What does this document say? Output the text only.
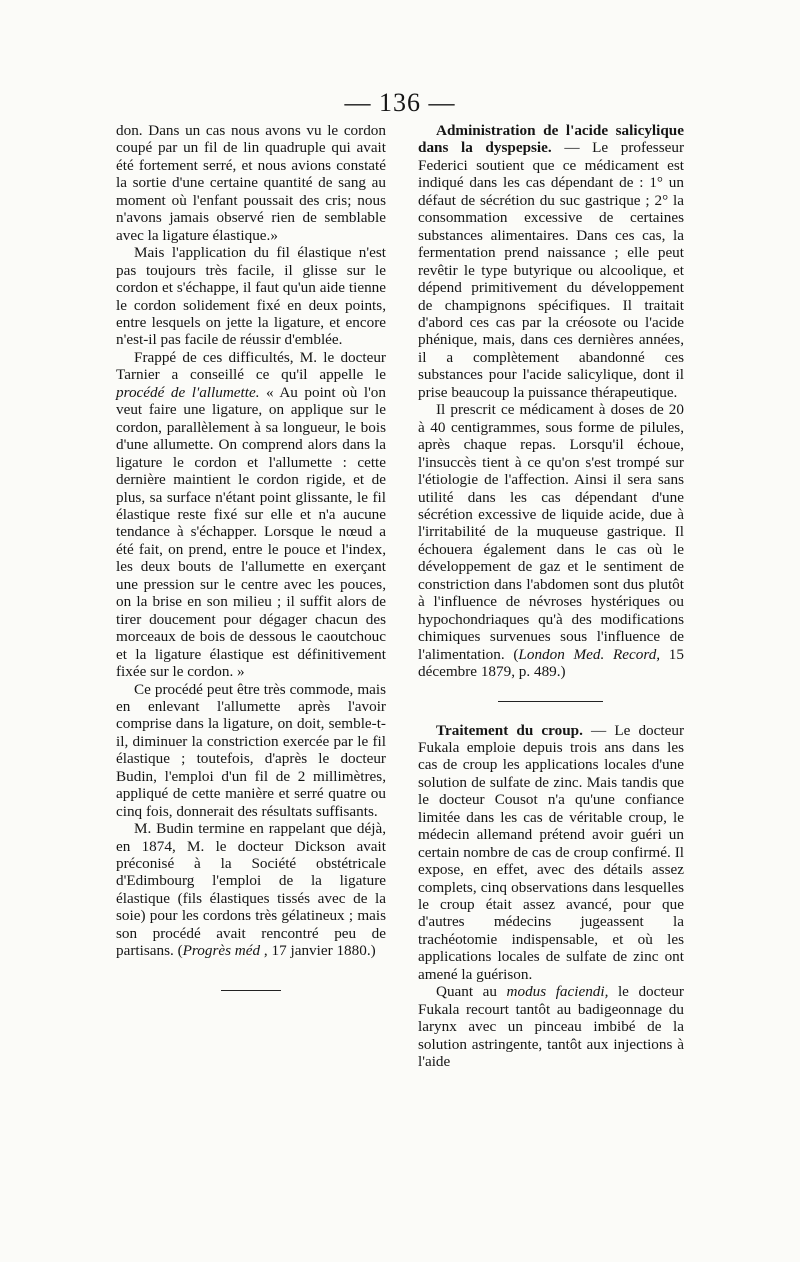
— 136 —

don. Dans un cas nous avons vu le cordon coupé par un fil de lin quadruple qui avait été fortement serré, et nous avions constaté la sortie d'une certaine quantité de sang au moment où l'enfant poussait des cris; nous n'avons jamais observé rien de semblable avec la ligature élastique.»

Mais l'application du fil élastique n'est pas toujours très facile, il glisse sur le cordon et s'échappe, il faut qu'un aide tienne le cordon solidement fixé en deux points, entre lesquels on jette la ligature, et encore n'est-il pas facile de réussir d'emblée.

Frappé de ces difficultés, M. le docteur Tarnier a conseillé ce qu'il appelle le procédé de l'allumette. « Au point où l'on veut faire une ligature, on applique sur le cordon, parallèlement à sa longueur, le bois d'une allumette. On comprend alors dans la ligature le cordon et l'allumette : cette dernière maintient le cordon rigide, et de plus, sa surface n'étant point glissante, le fil élastique reste fixé sur elle et n'a aucune tendance à s'échapper. Lorsque le nœud a été fait, on prend, entre le pouce et l'index, les deux bouts de l'allumette en exerçant une pression sur le centre avec les pouces, on la brise en son milieu ; il suffit alors de tirer doucement pour dégager chacun des morceaux de bois de dessous le caoutchouc et la ligature élastique est définitivement fixée sur le cordon. »

Ce procédé peut être très commode, mais en enlevant l'allumette après l'avoir comprise dans la ligature, on doit, semble-t-il, diminuer la constriction exercée par le fil élastique ; toutefois, d'après le docteur Budin, l'emploi d'un fil de 2 millimètres, appliqué de cette manière et serré quatre ou cinq fois, donnerait des résultats suffisants.

M. Budin termine en rappelant que déjà, en 1874, M. le docteur Dickson avait préconisé à la Société obstétricale d'Edimbourg l'emploi de la ligature élastique (fils élastiques tissés avec de la soie) pour les cordons très gélatineux ; mais son procédé avait rencontré peu de partisans. (Progrès méd , 17 janvier 1880.)

Administration de l'acide salicylique dans la dyspepsie. — Le professeur Federici soutient que ce médicament est indiqué dans les cas dépendant de : 1° un défaut de sécrétion du suc gastrique ; 2° la consommation excessive de certaines substances alimentaires. Dans ces cas, la fermentation prend naissance ; elle peut revêtir le type butyrique ou alcoolique, et dépend primitivement du développement de champignons spécifiques. Il traitait d'abord ces cas par la créosote ou l'acide phénique, mais, dans ces dernières années, il a complètement abandonné ces substances pour l'acide salicylique, dont il prise beaucoup la puissance thérapeutique.

Il prescrit ce médicament à doses de 20 à 40 centigrammes, sous forme de pilules, après chaque repas. Lorsqu'il échoue, l'insuccès tient à ce qu'on s'est trompé sur l'étiologie de l'affection. Ainsi il sera sans utilité dans les cas dépendant d'une sécrétion excessive de liquide acide, due à l'irritabilité de la muqueuse gastrique. Il échouera également dans le cas où le développement de gaz et le sentiment de constriction dans l'abdomen sont dus plutôt à l'influence de névroses hystériques ou hypochondriaques qu'à des modifications chimiques survenues sous l'influence de l'alimentation. (London Med. Record, 15 décembre 1879, p. 489.)

Traitement du croup. — Le docteur Fukala emploie depuis trois ans dans les cas de croup les applications locales d'une solution de sulfate de zinc. Mais tandis que le docteur Cousot n'a qu'une confiance limitée dans les cas de véritable croup, le médecin allemand prétend avoir guéri un certain nombre de cas de croup confirmé. Il expose, en effet, avec des détails assez complets, cinq observations dans lesquelles le croup était assez avancé, pour que d'autres médecins jugeassent la trachéotomie indispensable, et où les applications locales de sulfate de zinc ont amené la guérison.

Quant au modus faciendi, le docteur Fukala recourt tantôt au badigeonnage du larynx avec un pinceau imbibé de la solution astringente, tantôt aux injections à l'aide
